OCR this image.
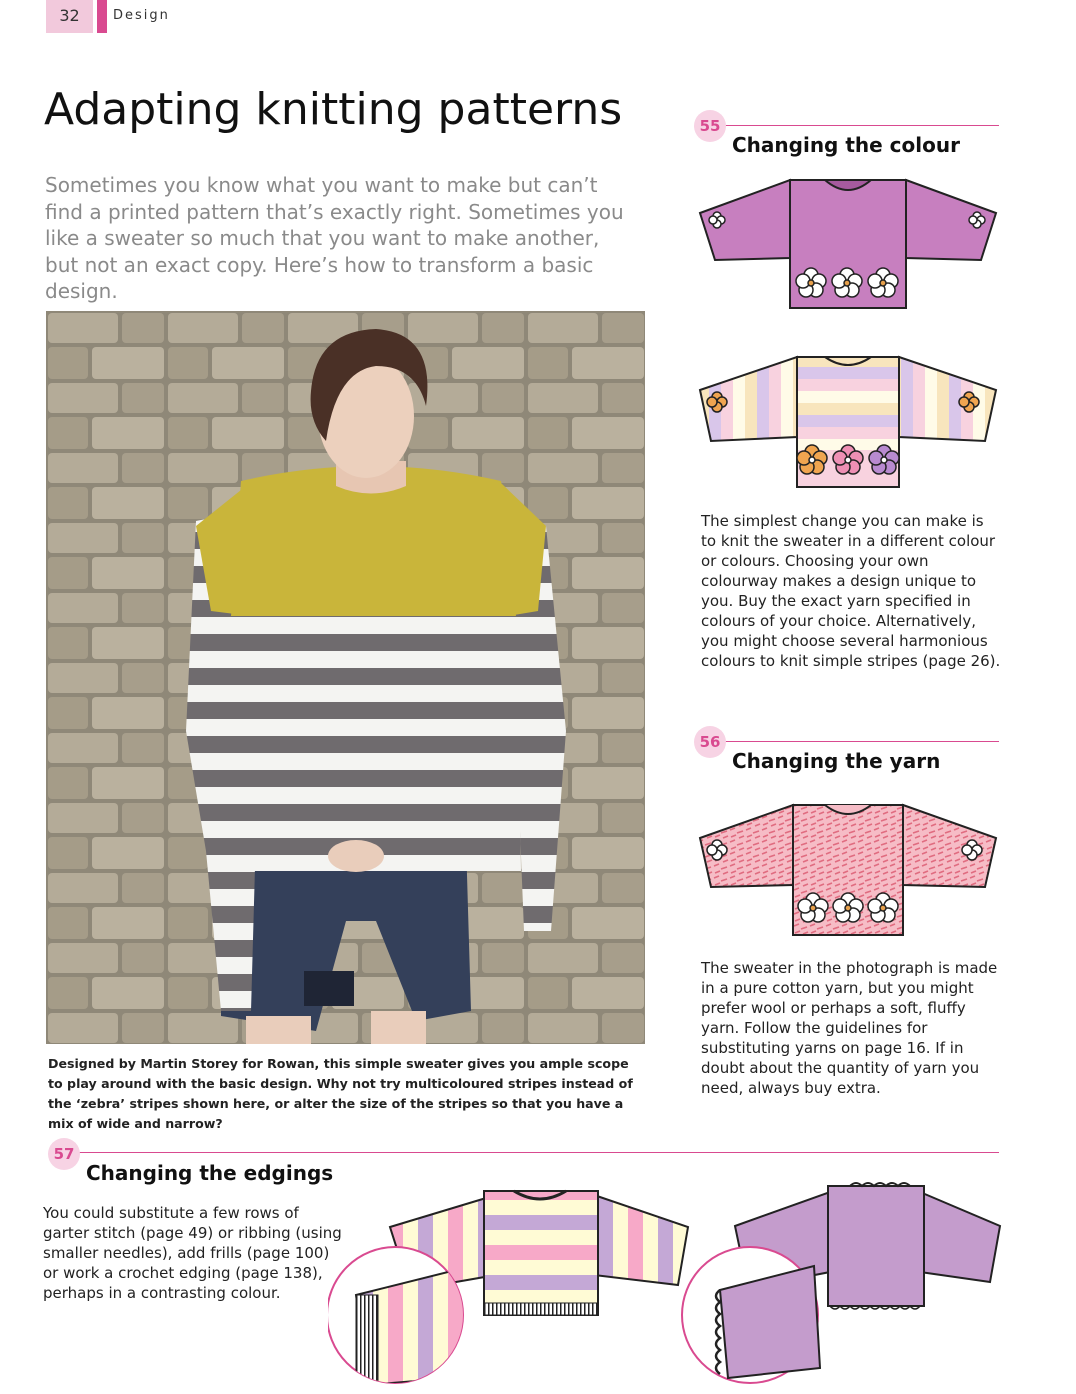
32	Design
Adapting knitting patterns
Sometimes you know what you want to make but can’t find a printed pattern that’s exactly right. Sometimes you like a sweater so much that you want to make another, but not an exact copy. Here’s how to transform a basic design.
Designed by Martin Storey for Rowan, this simple sweater gives you ample scope to play around with the basic design. Why not try multicoloured stripes instead of the ‘zebra’ stripes shown here, or alter the size of the stripes so that you have a mix of wide and narrow?
55
Changing the colour
The simplest change you can make is to knit the sweater in a different colour or colours. Choosing your own colourway makes a design unique to you. Buy the exact yarn specified in colours of your choice. Alternatively, you might choose several harmonious colours to knit simple stripes (page 26).
56
Changing the yarn
The sweater in the photograph is made in a pure cotton yarn, but you might prefer wool or perhaps a soft, fluffy yarn. Follow the guidelines for substituting yarns on page 16. If in doubt about the quantity of yarn you need, always buy extra.
57
Changing the edgings
You could substitute a few rows of garter stitch (page 49) or ribbing (using smaller needles), add frills (page 100) or work a crochet edging (page 138), perhaps in a contrasting colour.
